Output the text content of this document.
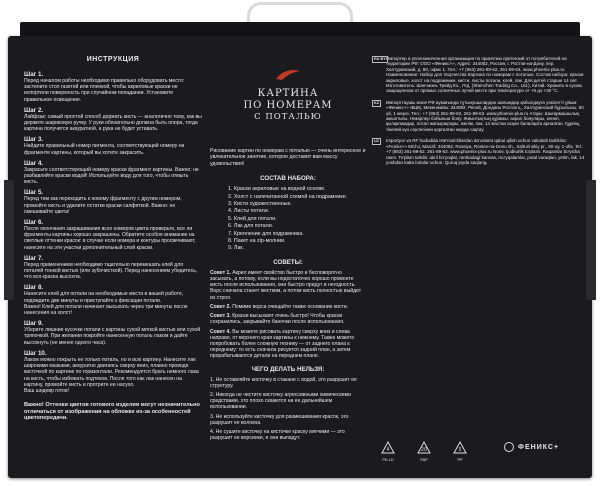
ИНСТРУКЦИЯ
Шаг 1.
Перед началом работы необходимо правильно оборудовать место: застелите стол газетой или пленкой, чтобы акриловые краски не испортили поверхность при случайном попадании. Установите правильное освещение.
Шаг 2.
Лайфхак: самый простой способ держать кисть — аналогично тому, как вы держите шариковую ручку. У руки обязательно должна быть опора, тогда картина получится аккуратной, а рука не будет уставать.
Шаг 3.
Найдите правильный номер пигмента, соответствующий номеру на фрагменте картины, который вы хотите закрасить.
Шаг 4.
Закрасьте соответствующий номеру краски фрагмент картины. Важно: не разбавляйте краски водой! Используйте воду для того, чтобы отмыть кисть.
Шаг 5.
Перед тем как переходить к новому фрагменту с другим номером, промойте кисть и удалите остатки краски салфеткой. Важно: не смешивайте цвета!
Шаг 6.
После окончания закрашивания всех номеров цвета проверьте, все ли фрагменты картины хорошо закрашены. Обратите особое внимание на светлые оттенки красок: в случае если номера и контуры просвечивают, нанесите на эти участки дополнительный слой краски.
Шаг 7.
Перед применением необходимо тщательно перемешать клей для поталей тонкой кистью (или зубочисткой). Перед нанесением убедитесь, что вся краска высохла.
Шаг 8.
Нанесите клей для потали на необходимые места в вашей работе, подождите две минуты и приступайте к фиксации потали.
Важно! Клей для потали начинает высыхать через три минуты после нанесения на холст!
Шаг 9.
Уберите лишние кусочки потали с картины сухой мягкой кистью или сухой тряпочкой. При желании покройте нанесенную поталь лаком и дайте высохнуть (не менее одного часа).
Шаг 10.
Лаком можно покрыть не только поталь, но и всю картину. Нанесите лак широкими мазками, аккуратно двигаясь сверху вниз, плавно проводя кисточкой по картине по горизонтали. Рекомендуется брать немного лака на кисть, чтобы избежать подтеков. После того как лак нанесен на картину, промойте кисть и протрите ее насухо.
Ваш шедевр готов!
Важно! Оттенки цветов готового изделия могут незначительно отличаться от изображения на обложке из-за особенностей цветопередачи.
КАРТИНА
ПО НОМЕРАМ
С ПОТАЛЬЮ
Рисование картин по номерам с поталью — очень интересное и увлекательное занятие, которое доставит вам массу удовольствия!
СОСТАВ НАБОРА:
1. Краски акриловые на водной основе.
2. Холст с напечатанной схемой на подрамнике.
3. Кисти художественные.
4. Листы потали.
5. Клей для потали.
6. Лак для потали.
7. Крепление для подрамника.
8. Пакет на zip-молнии.
9. Лак.
СОВЕТЫ:
Совет 1. Акрил имеет свойство быстро и бесповоротно засыхать, а потому, если вы недостаточно хорошо промоете кисть после использования, они быстро придут в негодность. Ворс сначала станет жестким, а потом кисть полностью выйдет из строя.
Совет 2. Помимо ворса очищайте также основание кисти.
Совет 3. Краски высыхают очень быстро! Чтобы краски сохранились, закрывайте баночки после использования.
Совет 4. Вы можете рисовать картину сверху вниз и слева направо, от верхнего края картины к нижнему. Также можете попробовать более сложную технику — от заднего плана к переднему: то есть сначала рисуется задний план, а затем прорабатываются детали на переднем плане.
ЧЕГО ДЕЛАТЬ НЕЛЬЗЯ:
1. Не оставляйте кисточку в стакане с водой, это разрушит ее структуру.
2. Никогда не чистите кисточку агрессивными химическими средствами, это плохо скажется на ее дальнейшем использовании.
3. Не используйте кисточку для размешивания красок, это разрушит ее волокна.
4. Не сушите кисточку на кисточке краску мягчими — это разрушит ее ворсинки, и они выпадут.
RU BY Импортер и уполномоченная организация по принятию претензий от потребителей на территории РФ: ООО «Феникс+», Адрес: 344082, Россия, г. Ростов-на-Дону, пер. Халтуринский, д. 80, офис 1. Тел.: +7 (863) 261-89-62, 261-89-63. www.phoenix-plus.ru Наименование: Набор для творчества Картина по номерам с поталью. Состав набора: краски акриловые, холст на подрамнике, кисти, листы потали, клей, лак. Для детей старше 14 лет. Изготовитель: Шэнчжэнь Трейд Ко., Лтд. (Shenzhen Trading Co., Ltd.), Китай. Хранить в сухом, защищенном от прямых солнечных лучей месте при температуре от +5 до +30 °С.
KZ	Импорттаушы және РФ аумағында тұтынушылардан шағымдар қабылдауға уәкілетті ұйым: «Феникс+» ЖШҚ, Мекенжайы: 344082, Ресей, Дондағы Ростов қ., Халтуринский бұрылысы, 80 үй, 1 кеңсе. Тел.: +7 (863) 261-89-62, 261-89-63. www.phoenix-plus.ru Атауы: Шығармашылық жиынтығы. Нөмірлер бойынша бояу. Жиынтықтың құрамы: акрил бояулары, кенеп, қылқаламдар, потал жапырақтары, желім, лак. 14 жастан асқан балаларға арналған. Құрғақ, тікелей күн сәулесінен қорғалған жерде сақтау.
UZ	Importyor va RF hududida iste'molchilardan da'volarni qabul qilish uchun vakolatli tashkilot: «Feniks+» MChJ, Manzil: 344082, Rossiya, Rostov-na-Donu sh., Xalturinskiy pr., 80-uy, 1-ofis. Tel.: +7 (863) 261-89-62, 261-89-63. www.phoenix-plus.ru Nomi: Ijodkorlik to'plami. Raqamlar bo'yicha rasm. To'plam tarkibi: akril bo'yoqlar, ramkadagi kanvas, mo'yqalamlar, potal varaqlari, yelim, lak. 14 yoshdan katta bolalar uchun. Quruq joyda saqlang.
4
PE-LD
20
PAP
5
PP
ФЕНИКС+
